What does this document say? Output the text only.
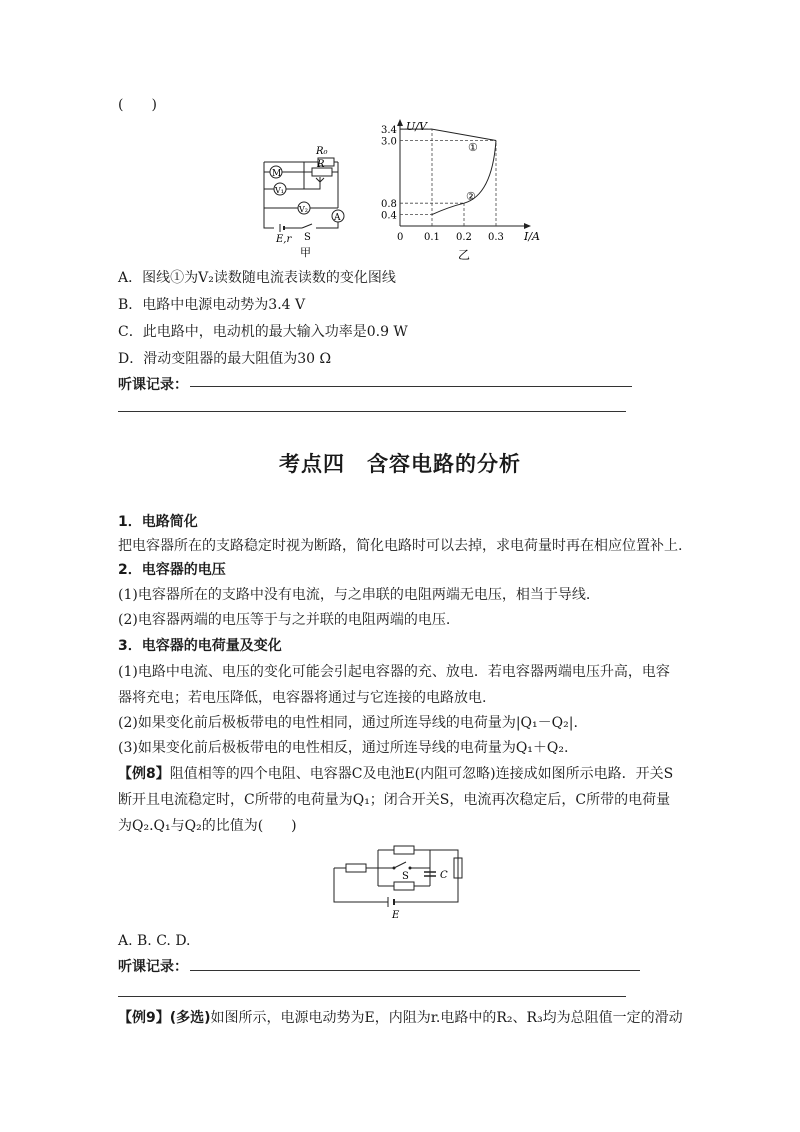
(　　)
R₀
R
M
V₁
V₂
A
E,r S
甲
3.4
3.0
0.8
0.4
0.1 0.2 0.3
U/V
I/A
0
①
②
乙
A．图线①为V₂读数随电流表读数的变化图线
B．电路中电源电动势为3.4 V
C．此电路中，电动机的最大输入功率是0.9 W
D．滑动变阻器的最大阻值为30 Ω
听课记录：
考点四　含容电路的分析
1．电路简化
把电容器所在的支路稳定时视为断路，简化电路时可以去掉，求电荷量时再在相应位置补上.
2．电容器的电压
(1)电容器所在的支路中没有电流，与之串联的电阻两端无电压，相当于导线.
(2)电容器两端的电压等于与之并联的电阻两端的电压.
3．电容器的电荷量及变化
(1)电路中电流、电压的变化可能会引起电容器的充、放电．若电容器两端电压升高，电容
器将充电；若电压降低，电容器将通过与它连接的电路放电.
(2)如果变化前后极板带电的电性相同，通过所连导线的电荷量为|Q₁－Q₂|.
(3)如果变化前后极板带电的电性相反，通过所连导线的电荷量为Q₁＋Q₂.
【例8】阻值相等的四个电阻、电容器C及电池E(内阻可忽略)连接成如图所示电路．开关S
断开且电流稳定时，C所带的电荷量为Q₁；闭合开关S，电流再次稳定后，C所带的电荷量
为Q₂.Q₁与Q₂的比值为(　　)
S	C
E
A. B. C. D.
听课记录：
【例9】(多选)如图所示，电源电动势为E，内阻为r.电路中的R₂、R₃均为总阻值一定的滑动
